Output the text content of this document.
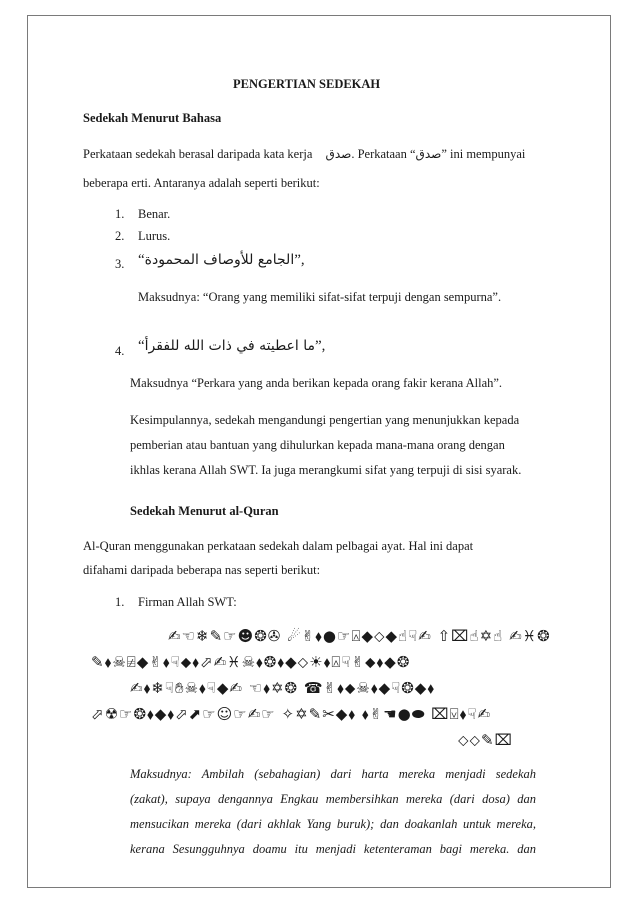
PENGERTIAN SEDEKAH
Sedekah Menurut Bahasa
Perkataan sedekah berasal daripada kata kerja صدق. Perkataan “صدق” ini mempunyai
beberapa erti. Antaranya adalah seperti berikut:
1. Benar.
2. Lurus.
3. “الجامع للأوصاف المحمودة”,
Maksudnya: “Orang yang memiliki sifat-sifat terpuji dengan sempurna”.
4. “ما اعطيته في ذات الله للفقرأ”,
Maksudnya “Perkara yang anda berikan kepada orang fakir kerana Allah”.
Kesimpulannya, sedekah mengandungi pengertian yang menunjukkan kepada
pemberian atau bantuan yang dihulurkan kepada mana-mana orang dengan
ikhlas kerana Allah SWT. Ia juga merangkumi sifat yang terpuji di sisi syarak.
Sedekah Menurut al-Quran
Al-Quran menggunakan perkataan sedekah dalam pelbagai ayat. Hal ini dapat
difahami daripada beberapa nas seperti berikut:
1. Firman Allah SWT:
✍︎☜︎❄︎✎︎☞︎☻︎❂︎✇︎ ☄︎✌︎⬧︎●︎☞︎⍓︎◆︎⬦︎◆︎☝︎☟︎✍︎ ⇧︎⌧︎☝︎✡︎☝︎ ✍︎♓︎❂︎
✎︎⬧︎☠︎⍯︎◆︎✌︎⬧︎☟︎⬥︎⬧︎⬀︎✍︎♓︎☠︎⬧︎❂︎⬧︎◆︎⬦︎☀︎⬧︎⍓︎☟︎✌︎⬥︎⬧︎◆︎❂︎
✍︎⬧︎❄︎☟︎✋︎☠︎⬧︎☟︎◆︎✍︎ ☜︎⬧︎✡︎❂︎ ☎︎✌︎⬧︎⬥︎☠︎⬧︎◆︎☟︎❂︎◆︎⬧︎
⬀︎☢︎☞︎❂︎⬧︎◆︎⬧︎⬀︎⬈︎☞︎☺︎☞︎✍︎☞︎ ✧︎✡︎✎︎✂︎◆︎⬧︎ ⬧︎✌︎☚︎●︎⬬︎ ⌧︎⍌︎⬧︎☟︎✍︎
⬦︎⬦︎✎︎⌧︎
Maksudnya: Ambilah (sebahagian) dari harta mereka menjadi sedekah
(zakat), supaya dengannya Engkau membersihkan mereka (dari dosa) dan
mensucikan mereka (dari akhlak Yang buruk); dan doakanlah untuk mereka,
kerana Sesungguhnya doamu itu menjadi ketenteraman bagi mereka. dan
